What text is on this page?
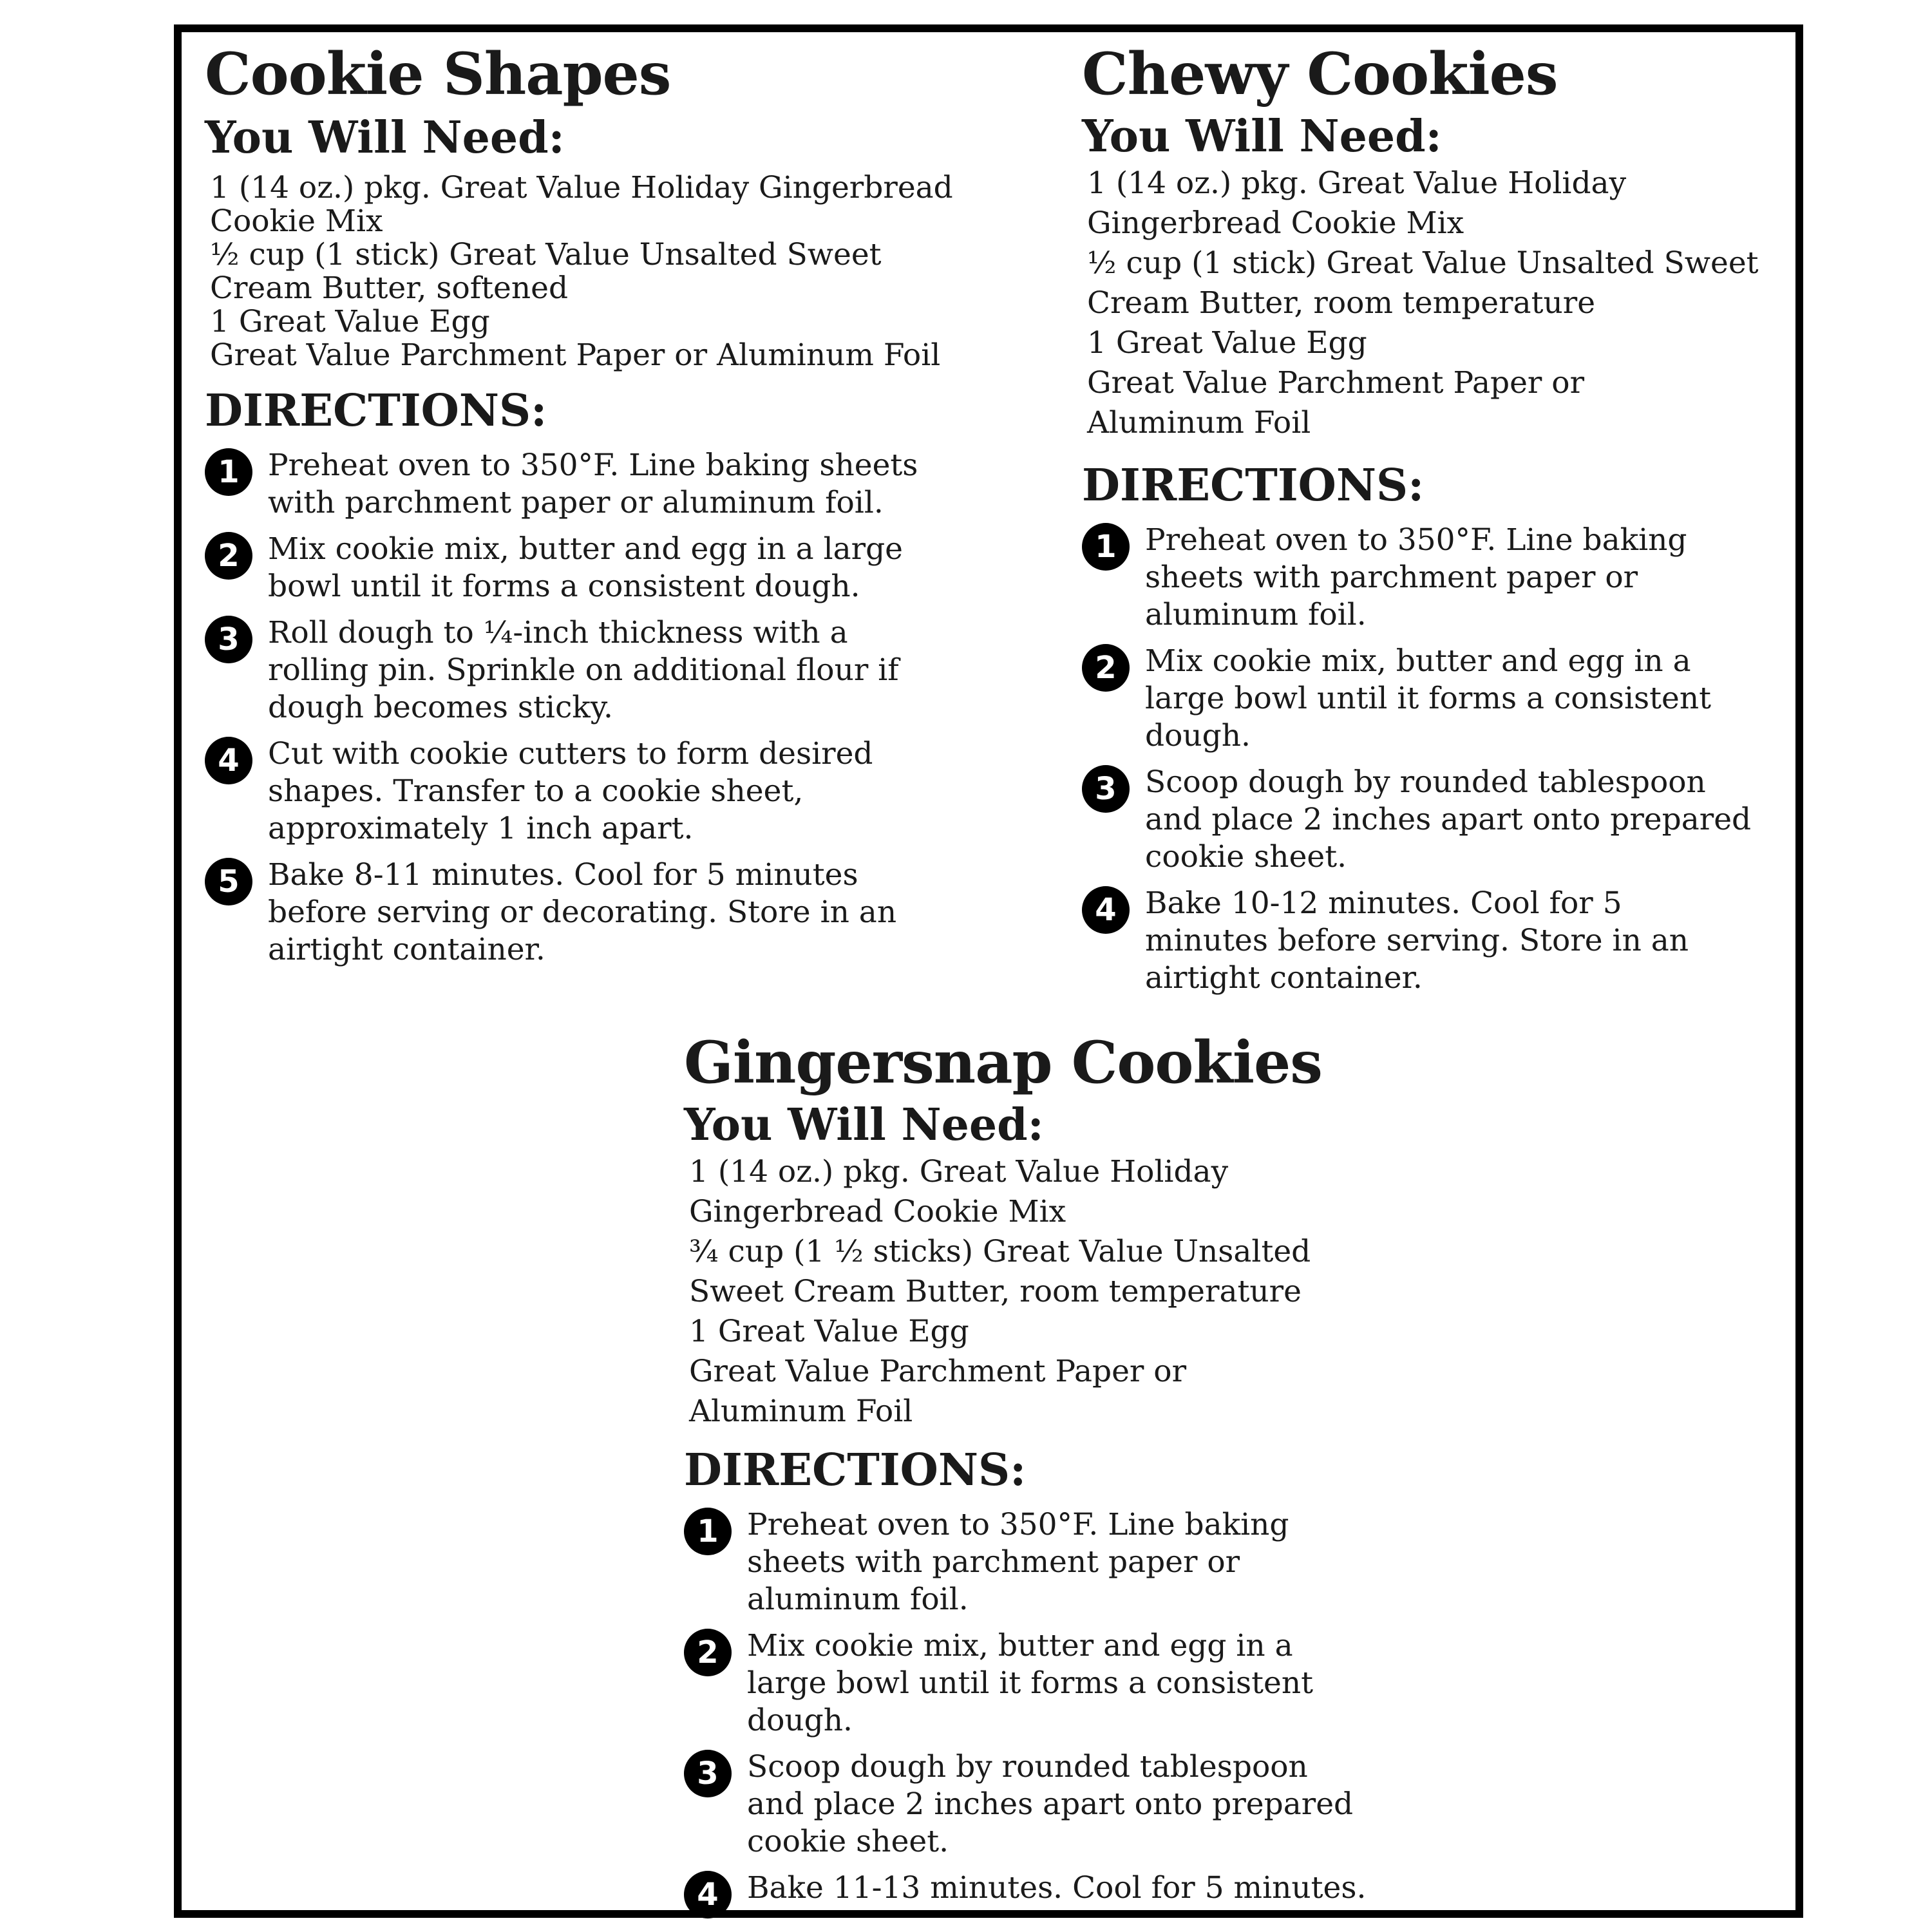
Cookie Shapes
You Will Need:
1 (14 oz.) pkg. Great Value Holiday Gingerbread
Cookie Mix
½ cup (1 stick) Great Value Unsalted Sweet
Cream Butter, softened
1 Great Value Egg
Great Value Parchment Paper or Aluminum Foil
DIRECTIONS:
1 Preheat oven to 350°F. Line baking sheets with parchment paper or aluminum foil.
2 Mix cookie mix, butter and egg in a large bowl until it forms a consistent dough.
3 Roll dough to ¼-inch thickness with a rolling pin. Sprinkle on additional flour if dough becomes sticky.
4 Cut with cookie cutters to form desired shapes. Transfer to a cookie sheet, approximately 1 inch apart.
5 Bake 8-11 minutes. Cool for 5 minutes before serving or decorating. Store in an airtight container.
Chewy Cookies
You Will Need:
1 (14 oz.) pkg. Great Value Holiday
Gingerbread Cookie Mix
½ cup (1 stick) Great Value Unsalted Sweet
Cream Butter, room temperature
1 Great Value Egg
Great Value Parchment Paper or
Aluminum Foil
DIRECTIONS:
1 Preheat oven to 350°F. Line baking sheets with parchment paper or aluminum foil.
2 Mix cookie mix, butter and egg in a large bowl until it forms a consistent dough.
3 Scoop dough by rounded tablespoon and place 2 inches apart onto prepared cookie sheet.
4 Bake 10-12 minutes. Cool for 5 minutes before serving. Store in an airtight container.
Gingersnap Cookies
You Will Need:
1 (14 oz.) pkg. Great Value Holiday
Gingerbread Cookie Mix
¾ cup (1 ½ sticks) Great Value Unsalted
Sweet Cream Butter, room temperature
1 Great Value Egg
Great Value Parchment Paper or
Aluminum Foil
DIRECTIONS:
1 Preheat oven to 350°F. Line baking sheets with parchment paper or aluminum foil.
2 Mix cookie mix, butter and egg in a large bowl until it forms a consistent dough.
3 Scoop dough by rounded tablespoon and place 2 inches apart onto prepared cookie sheet.
4 Bake 11-13 minutes. Cool for 5 minutes.
